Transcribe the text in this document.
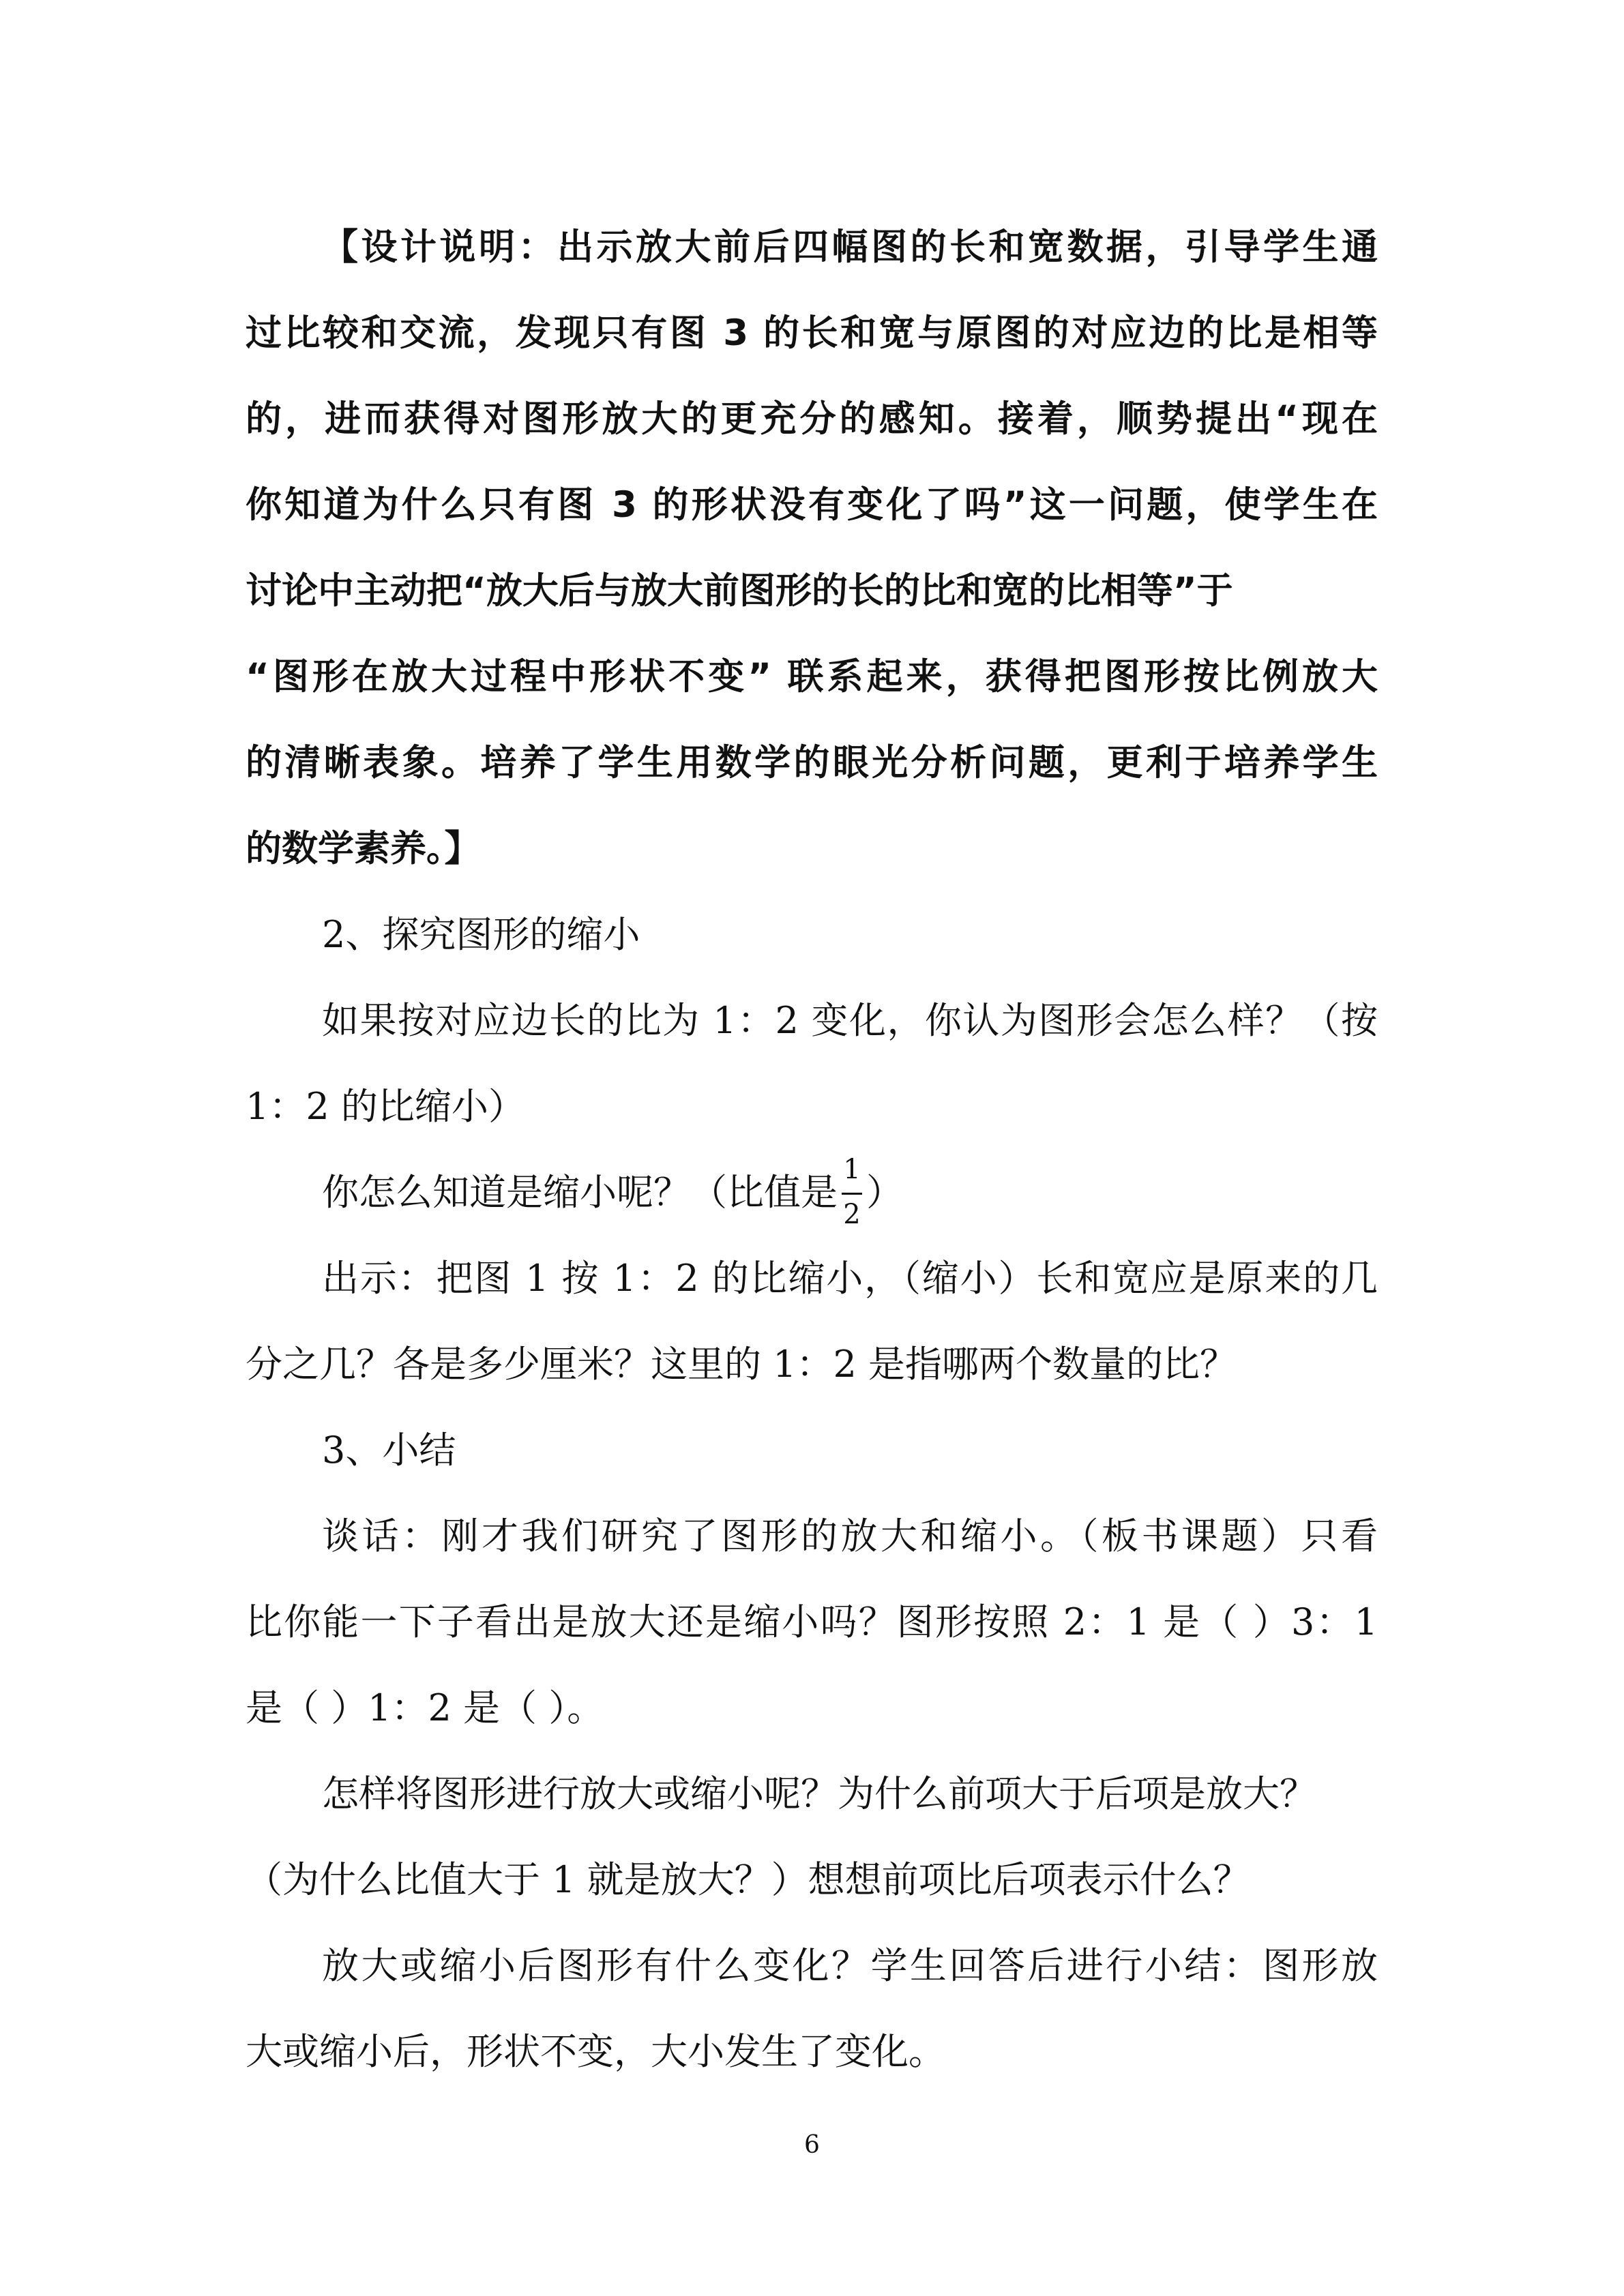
【设计说明：出示放大前后四幅图的长和宽数据，引导学生通
过比较和交流，发现只有图 3 的长和宽与原图的对应边的比是相等
的，进而获得对图形放大的更充分的感知。接着，顺势提出“现在
你知道为什么只有图 3 的形状没有变化了吗”这一问题，使学生在
讨论中主动把“放大后与放大前图形的长的比和宽的比相等”于
“图形在放大过程中形状不变” 联系起来，获得把图形按比例放大
的清晰表象。培养了学生用数学的眼光分析问题，更利于培养学生
的数学素养。】
2、探究图形的缩小
如果按对应边长的比为 1：2 变化，你认为图形会怎么样？（按
1：2 的比缩小）
你怎么知道是缩小呢？（比值是 $\frac{1}{2}$ ）
出示：把图 1 按 1：2 的比缩小，（缩小）长和宽应是原来的几
分之几？各是多少厘米？这里的 1：2 是指哪两个数量的比？
3、小结
谈话：刚才我们研究了图形的放大和缩小。（板书课题）只看
比你能一下子看出是放大还是缩小吗？图形按照 2：1 是（ ）3：1
是（ ）1：2 是（ ）。
怎样将图形进行放大或缩小呢？为什么前项大于后项是放大？
（为什么比值大于 1 就是放大？）想想前项比后项表示什么？
放大或缩小后图形有什么变化？学生回答后进行小结：图形放
大或缩小后，形状不变，大小发生了变化。
6
